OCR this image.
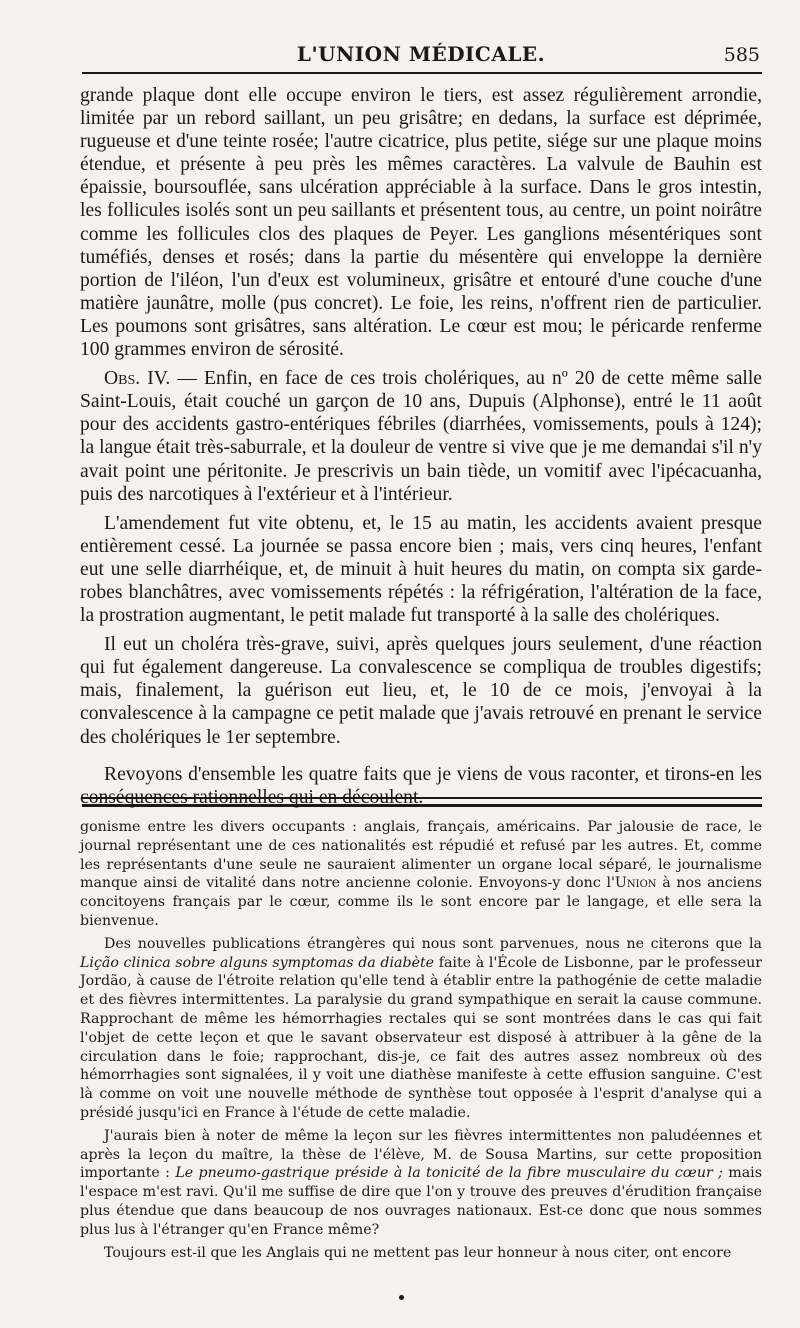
L'UNION MÉDICALE.	585

grande plaque dont elle occupe environ le tiers, est assez régulièrement arrondie, limitée par un rebord saillant, un peu grisâtre; en dedans, la surface est déprimée, rugueuse et d'une teinte rosée; l'autre cicatrice, plus petite, siége sur une plaque moins étendue, et présente à peu près les mêmes caractères. La valvule de Bauhin est épaissie, boursouflée, sans ulcération appréciable à la surface. Dans le gros intestin, les follicules isolés sont un peu saillants et présentent tous, au centre, un point noirâtre comme les follicules clos des plaques de Peyer. Les ganglions mésentériques sont tuméfiés, denses et rosés; dans la partie du mésentère qui enveloppe la dernière portion de l'iléon, l'un d'eux est volumineux, grisâtre et entouré d'une couche d'une matière jaunâtre, molle (pus concret). Le foie, les reins, n'offrent rien de particulier. Les poumons sont grisâtres, sans altération. Le cœur est mou; le péricarde renferme 100 grammes environ de sérosité.

Obs. IV. — Enfin, en face de ces trois cholériques, au nº 20 de cette même salle Saint-Louis, était couché un garçon de 10 ans, Dupuis (Alphonse), entré le 11 août pour des accidents gastro-entériques fébriles (diarrhées, vomissements, pouls à 124); la langue était très-saburrale, et la douleur de ventre si vive que je me demandai s'il n'y avait point une péritonite. Je prescrivis un bain tiède, un vomitif avec l'ipécacuanha, puis des narcotiques à l'extérieur et à l'intérieur.

L'amendement fut vite obtenu, et, le 15 au matin, les accidents avaient presque entièrement cessé. La journée se passa encore bien ; mais, vers cinq heures, l'enfant eut une selle diarrhéique, et, de minuit à huit heures du matin, on compta six garde-robes blanchâtres, avec vomissements répétés : la réfrigération, l'altération de la face, la prostration augmentant, le petit malade fut transporté à la salle des cholériques.

Il eut un choléra très-grave, suivi, après quelques jours seulement, d'une réaction qui fut également dangereuse. La convalescence se compliqua de troubles digestifs; mais, finalement, la guérison eut lieu, et, le 10 de ce mois, j'envoyai à la convalescence à la campagne ce petit malade que j'avais retrouvé en prenant le service des cholériques le 1er septembre.

Revoyons d'ensemble les quatre faits que je viens de vous raconter, et tirons-en les conséquences rationnelles qui en découlent.

gonisme entre les divers occupants : anglais, français, américains. Par jalousie de race, le journal représentant une de ces nationalités est répudié et refusé par les autres. Et, comme les représentants d'une seule ne sauraient alimenter un organe local séparé, le journalisme manque ainsi de vitalité dans notre ancienne colonie. Envoyons-y donc l'Union à nos anciens concitoyens français par le cœur, comme ils le sont encore par le langage, et elle sera la bienvenue.

Des nouvelles publications étrangères qui nous sont parvenues, nous ne citerons que la Lição clinica sobre alguns symptomas da diabète faite à l'École de Lisbonne, par le professeur Jordão, à cause de l'étroite relation qu'elle tend à établir entre la pathogénie de cette maladie et des fièvres intermittentes. La paralysie du grand sympathique en serait la cause commune. Rapprochant de même les hémorrhagies rectales qui se sont montrées dans le cas qui fait l'objet de cette leçon et que le savant observateur est disposé à attribuer à la gêne de la circulation dans le foie; rapprochant, dis-je, ce fait des autres assez nombreux où des hémorrhagies sont signalées, il y voit une diathèse manifeste à cette effusion sanguine. C'est là comme on voit une nouvelle méthode de synthèse tout opposée à l'esprit d'analyse qui a présidé jusqu'ici en France à l'étude de cette maladie.

J'aurais bien à noter de même la leçon sur les fièvres intermittentes non paludéennes et après la leçon du maître, la thèse de l'élève, M. de Sousa Martins, sur cette proposition importante : Le pneumo-gastrique préside à la tonicité de la fibre musculaire du cœur ; mais l'espace m'est ravi. Qu'il me suffise de dire que l'on y trouve des preuves d'érudition française plus étendue que dans beaucoup de nos ouvrages nationaux. Est-ce donc que nous sommes plus lus à l'étranger qu'en France même?

Toujours est-il que les Anglais qui ne mettent pas leur honneur à nous citer, ont encore
